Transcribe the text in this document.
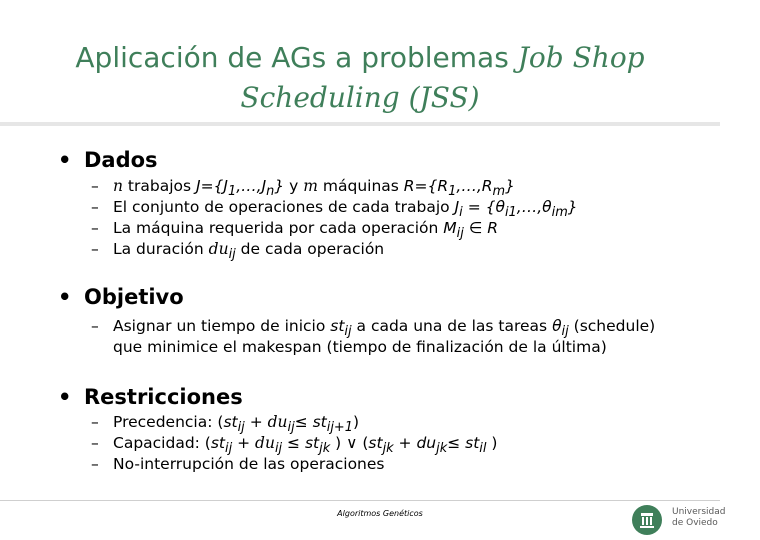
Aplicación de AGs a problemas Job Shop
Scheduling (JSS)
• Dados
– n trabajos $J=\{J_1,\dots,J_n\}$ y m máquinas $R=\{R_1,\dots,R_m\}$
– El conjunto de operaciones de cada trabajo $J_i$ = $\{\theta_{i1},\dots,\theta_{im}\}$
– La máquina requerida por cada operación $M_{ij}$ ∈ R
– La duración $du_{ij}$ de cada operación
• Objetivo
– Asignar un tiempo de inicio $st_{ij}$ a cada una de las tareas $\theta_{ij}$ (schedule)
que minimice el makespan (tiempo de finalización de la última)
• Restricciones
– Precedencia: $(st_{ij} + du_{ij}\le st_{ij+1})$
– Capacidad: ($st_{ij} + du_{ij} \le st_{jk}$ ) ∨ ($st_{jk} + du_{jk}\le st_{il}$ )
– No-interrupción de las operaciones
Algoritmos Genéticos	Universidad
de Oviedo
